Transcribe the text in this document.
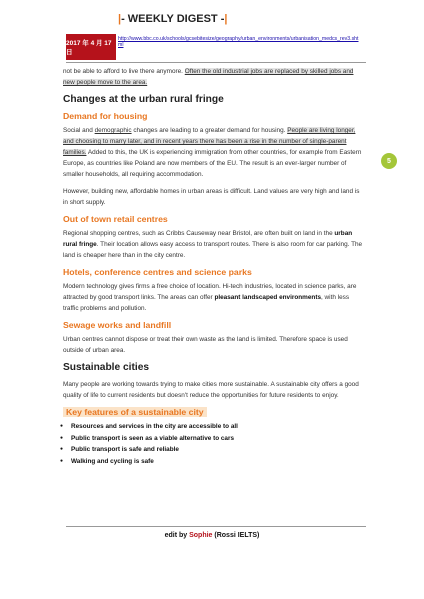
2017 年 4 月 17 日
|- WEEKLY DIGEST -|
http://www.bbc.co.uk/schools/gcsebitesize/geography/urban_environments/urbanisation_medcs_rev3.shtml
5

not be able to afford to live there anymore. Often the old industrial jobs are replaced by skilled jobs and new people move to the area.

Changes at the urban rural fringe
Demand for housing

Social and demographic changes are leading to a greater demand for housing. People are living longer, and choosing to marry later, and in recent years there has been a rise in the number of single-parent families. Added to this, the UK is experiencing immigration from other countries, for example from Eastern Europe, as countries like Poland are now members of the EU. The result is an ever-larger number of smaller households, all requiring accommodation.

However, building new, affordable homes in urban areas is difficult. Land values are very high and land is in short supply.

Out of town retail centres

Regional shopping centres, such as Cribbs Causeway near Bristol, are often built on land in the urban rural fringe. Their location allows easy access to transport routes. There is also room for car parking. The land is cheaper here than in the city centre.

Hotels, conference centres and science parks

Modern technology gives firms a free choice of location. Hi-tech industries, located in science parks, are attracted by good transport links. The areas can offer pleasant landscaped environments, with less traffic problems and pollution.

Sewage works and landfill

Urban centres cannot dispose or treat their own waste as the land is limited. Therefore space is used outside of urban area.

Sustainable cities

Many people are working towards trying to make cities more sustainable. A sustainable city offers a good quality of life to current residents but doesn't reduce the opportunities for future residents to enjoy.

Key features of a sustainable city
● Resources and services in the city are accessible to all
● Public transport is seen as a viable alternative to cars
● Public transport is safe and reliable
● Walking and cycling is safe
edit by Sophie (Rossi IELTS)
